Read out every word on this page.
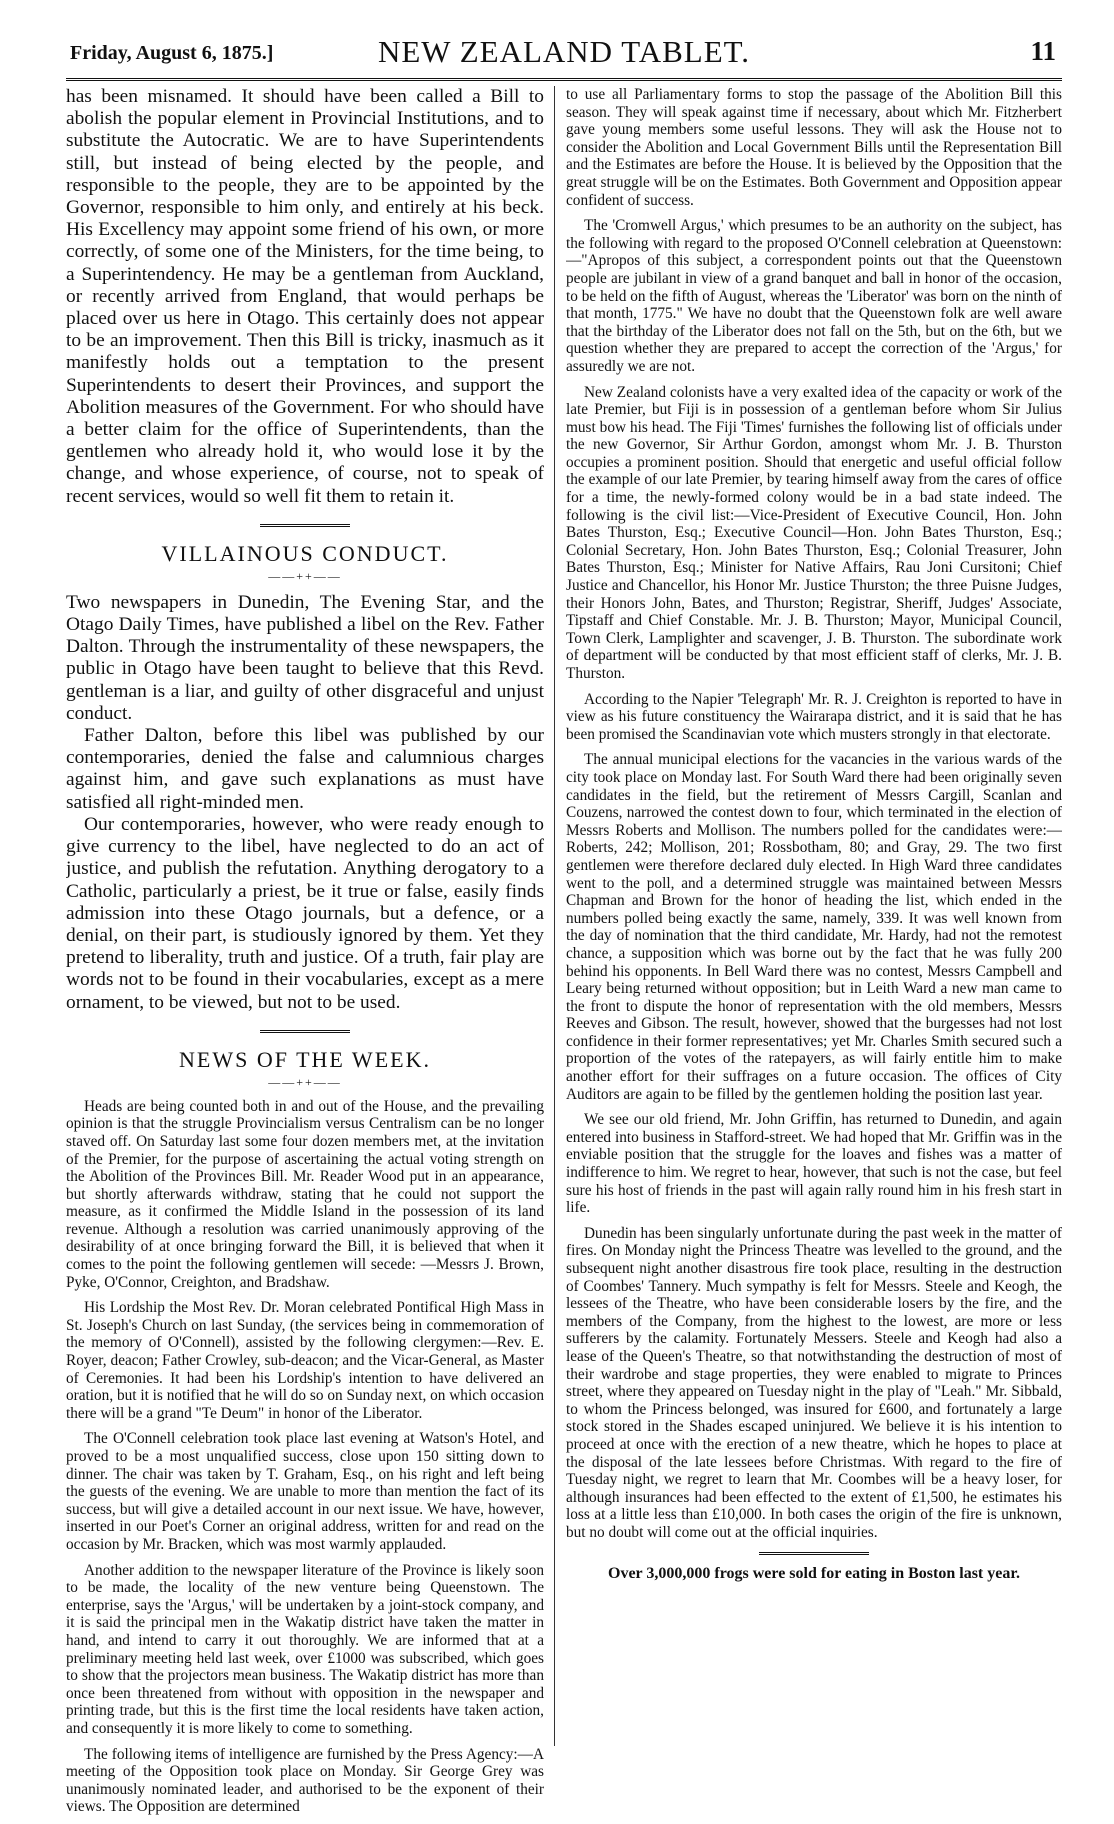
Friday, August 6, 1875.]	NEW ZEALAND TABLET.	11

has been misnamed. It should have been called a Bill to abolish the popular element in Provincial Institutions, and to substitute the Autocratic. We are to have Superintendents still, but instead of being elected by the people, and responsible to the people, they are to be appointed by the Governor, responsible to him only, and entirely at his beck. His Excellency may appoint some friend of his own, or more correctly, of some one of the Ministers, for the time being, to a Superintendency. He may be a gentleman from Auckland, or recently arrived from England, that would perhaps be placed over us here in Otago. This certainly does not appear to be an improvement. Then this Bill is tricky, inasmuch as it manifestly holds out a temptation to the present Superintendents to desert their Provinces, and support the Abolition measures of the Government. For who should have a better claim for the office of Superintendents, than the gentlemen who already hold it, who would lose it by the change, and whose experience, of course, not to speak of recent services, would so well fit them to retain it.

VILLAINOUS CONDUCT.
——++——

Two newspapers in Dunedin, The Evening Star, and the Otago Daily Times, have published a libel on the Rev. Father Dalton. Through the instrumentality of these newspapers, the public in Otago have been taught to believe that this Revd. gentleman is a liar, and guilty of other disgraceful and unjust conduct.

Father Dalton, before this libel was published by our contemporaries, denied the false and calumnious charges against him, and gave such explanations as must have satisfied all right-minded men.

Our contemporaries, however, who were ready enough to give currency to the libel, have neglected to do an act of justice, and publish the refutation. Anything derogatory to a Catholic, particularly a priest, be it true or false, easily finds admission into these Otago journals, but a defence, or a denial, on their part, is studiously ignored by them. Yet they pretend to liberality, truth and justice. Of a truth, fair play are words not to be found in their vocabularies, except as a mere ornament, to be viewed, but not to be used.

NEWS OF THE WEEK.
——++——

Heads are being counted both in and out of the House, and the prevailing opinion is that the struggle Provincialism versus Centralism can be no longer staved off. On Saturday last some four dozen members met, at the invitation of the Premier, for the purpose of ascertaining the actual voting strength on the Abolition of the Provinces Bill. Mr. Reader Wood put in an appearance, but shortly afterwards withdraw, stating that he could not support the measure, as it confirmed the Middle Island in the possession of its land revenue. Although a resolution was carried unanimously approving of the desirability of at once bringing forward the Bill, it is believed that when it comes to the point the following gentlemen will secede: —Messrs J. Brown, Pyke, O'Connor, Creighton, and Bradshaw.

His Lordship the Most Rev. Dr. Moran celebrated Pontifical High Mass in St. Joseph's Church on last Sunday, (the services being in commemoration of the memory of O'Connell), assisted by the following clergymen:—Rev. E. Royer, deacon; Father Crowley, sub-deacon; and the Vicar-General, as Master of Ceremonies. It had been his Lordship's intention to have delivered an oration, but it is notified that he will do so on Sunday next, on which occasion there will be a grand "Te Deum" in honor of the Liberator.

The O'Connell celebration took place last evening at Watson's Hotel, and proved to be a most unqualified success, close upon 150 sitting down to dinner. The chair was taken by T. Graham, Esq., on his right and left being the guests of the evening. We are unable to more than mention the fact of its success, but will give a detailed account in our next issue. We have, however, inserted in our Poet's Corner an original address, written for and read on the occasion by Mr. Bracken, which was most warmly applauded.

Another addition to the newspaper literature of the Province is likely soon to be made, the locality of the new venture being Queenstown. The enterprise, says the 'Argus,' will be undertaken by a joint-stock company, and it is said the principal men in the Wakatip district have taken the matter in hand, and intend to carry it out thoroughly. We are informed that at a preliminary meeting held last week, over £1000 was subscribed, which goes to show that the projectors mean business. The Wakatip district has more than once been threatened from without with opposition in the newspaper and printing trade, but this is the first time the local residents have taken action, and consequently it is more likely to come to something.

The following items of intelligence are furnished by the Press Agency:—A meeting of the Opposition took place on Monday. Sir George Grey was unanimously nominated leader, and authorised to be the exponent of their views. The Opposition are determined

to use all Parliamentary forms to stop the passage of the Abolition Bill this season. They will speak against time if necessary, about which Mr. Fitzherbert gave young members some useful lessons. They will ask the House not to consider the Abolition and Local Government Bills until the Representation Bill and the Estimates are before the House. It is believed by the Opposition that the great struggle will be on the Estimates. Both Government and Opposition appear confident of success.

The 'Cromwell Argus,' which presumes to be an authority on the subject, has the following with regard to the proposed O'Connell celebration at Queenstown:—"Apropos of this subject, a correspondent points out that the Queenstown people are jubilant in view of a grand banquet and ball in honor of the occasion, to be held on the fifth of August, whereas the 'Liberator' was born on the ninth of that month, 1775." We have no doubt that the Queenstown folk are well aware that the birthday of the Liberator does not fall on the 5th, but on the 6th, but we question whether they are prepared to accept the correction of the 'Argus,' for assuredly we are not.

New Zealand colonists have a very exalted idea of the capacity or work of the late Premier, but Fiji is in possession of a gentleman before whom Sir Julius must bow his head. The Fiji 'Times' furnishes the following list of officials under the new Governor, Sir Arthur Gordon, amongst whom Mr. J. B. Thurston occupies a prominent position. Should that energetic and useful official follow the example of our late Premier, by tearing himself away from the cares of office for a time, the newly-formed colony would be in a bad state indeed. The following is the civil list:—Vice-President of Executive Council, Hon. John Bates Thurston, Esq.; Executive Council—Hon. John Bates Thurston, Esq.; Colonial Secretary, Hon. John Bates Thurston, Esq.; Colonial Treasurer, John Bates Thurston, Esq.; Minister for Native Affairs, Rau Joni Cursitoni; Chief Justice and Chancellor, his Honor Mr. Justice Thurston; the three Puisne Judges, their Honors John, Bates, and Thurston; Registrar, Sheriff, Judges' Associate, Tipstaff and Chief Constable. Mr. J. B. Thurston; Mayor, Municipal Council, Town Clerk, Lamplighter and scavenger, J. B. Thurston. The subordinate work of department will be conducted by that most efficient staff of clerks, Mr. J. B. Thurston.

According to the Napier 'Telegraph' Mr. R. J. Creighton is reported to have in view as his future constituency the Wairarapa district, and it is said that he has been promised the Scandinavian vote which musters strongly in that electorate.

The annual municipal elections for the vacancies in the various wards of the city took place on Monday last. For South Ward there had been originally seven candidates in the field, but the retirement of Messrs Cargill, Scanlan and Couzens, narrowed the contest down to four, which terminated in the election of Messrs Roberts and Mollison. The numbers polled for the candidates were:—Roberts, 242; Mollison, 201; Rossbotham, 80; and Gray, 29. The two first gentlemen were therefore declared duly elected. In High Ward three candidates went to the poll, and a determined struggle was maintained between Messrs Chapman and Brown for the honor of heading the list, which ended in the numbers polled being exactly the same, namely, 339. It was well known from the day of nomination that the third candidate, Mr. Hardy, had not the remotest chance, a supposition which was borne out by the fact that he was fully 200 behind his opponents. In Bell Ward there was no contest, Messrs Campbell and Leary being returned without opposition; but in Leith Ward a new man came to the front to dispute the honor of representation with the old members, Messrs Reeves and Gibson. The result, however, showed that the burgesses had not lost confidence in their former representatives; yet Mr. Charles Smith secured such a proportion of the votes of the ratepayers, as will fairly entitle him to make another effort for their suffrages on a future occasion. The offices of City Auditors are again to be filled by the gentlemen holding the position last year.

We see our old friend, Mr. John Griffin, has returned to Dunedin, and again entered into business in Stafford-street. We had hoped that Mr. Griffin was in the enviable position that the struggle for the loaves and fishes was a matter of indifference to him. We regret to hear, however, that such is not the case, but feel sure his host of friends in the past will again rally round him in his fresh start in life.

Dunedin has been singularly unfortunate during the past week in the matter of fires. On Monday night the Princess Theatre was levelled to the ground, and the subsequent night another disastrous fire took place, resulting in the destruction of Coombes' Tannery. Much sympathy is felt for Messrs. Steele and Keogh, the lessees of the Theatre, who have been considerable losers by the fire, and the members of the Company, from the highest to the lowest, are more or less sufferers by the calamity. Fortunately Messers. Steele and Keogh had also a lease of the Queen's Theatre, so that notwithstanding the destruction of most of their wardrobe and stage properties, they were enabled to migrate to Princes street, where they appeared on Tuesday night in the play of "Leah." Mr. Sibbald, to whom the Princess belonged, was insured for £600, and fortunately a large stock stored in the Shades escaped uninjured. We believe it is his intention to proceed at once with the erection of a new theatre, which he hopes to place at the disposal of the late lessees before Christmas. With regard to the fire of Tuesday night, we regret to learn that Mr. Coombes will be a heavy loser, for although insurances had been effected to the extent of £1,500, he estimates his loss at a little less than £10,000. In both cases the origin of the fire is unknown, but no doubt will come out at the official inquiries.

Over 3,000,000 frogs were sold for eating in Boston last year.
